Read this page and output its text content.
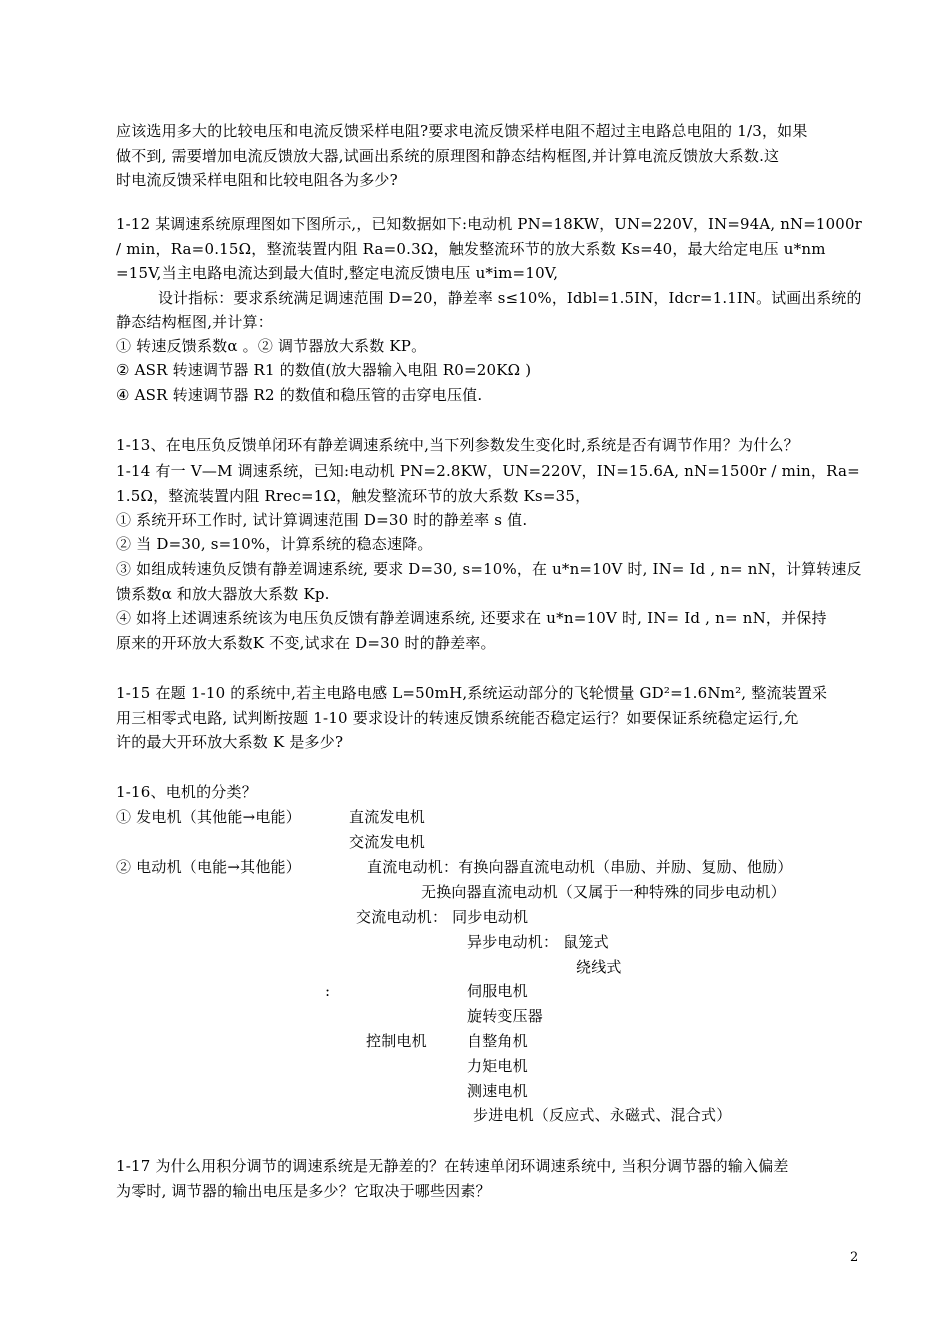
应该选用多大的比较电压和电流反馈采样电阻?要求电流反馈采样电阻不超过主电路总电阻的 1/3，如果
做不到, 需要增加电流反馈放大器,试画出系统的原理图和静态结构框图,并计算电流反馈放大系数.这
时电流反馈采样电阻和比较电阻各为多少?
1-12 某调速系统原理图如下图所示,，已知数据如下:电动机 PN=18KW，UN=220V，IN=94A, nN=1000r
/ min，Ra=0.15Ω，整流装置内阻 Ra=0.3Ω，触发整流环节的放大系数 Ks=40，最大给定电压 u*nm
=15V,当主电路电流达到最大值时,整定电流反馈电压 u*im=10V,
设计指标：要求系统满足调速范围 D=20，静差率 s≤10%，Idbl=1.5IN，Idcr=1.1IN。试画出系统的
静态结构框图,并计算：
① 转速反馈系数α 。② 调节器放大系数 KP。
② ASR 转速调节器 R1 的数值(放大器输入电阻 R0=20KΩ )
④ ASR 转速调节器 R2 的数值和稳压管的击穿电压值.
1-13、在电压负反馈单闭环有静差调速系统中,当下列参数发生变化时,系统是否有调节作用？为什么？
1-14 有一 V—M 调速系统，已知:电动机 PN=2.8KW，UN=220V，IN=15.6A, nN=1500r / min，Ra=
1.5Ω，整流装置内阻 Rrec=1Ω，触发整流环节的放大系数 Ks=35，
① 系统开环工作时, 试计算调速范围 D=30 时的静差率 s 值.
② 当 D=30, s=10%，计算系统的稳态速降。
③ 如组成转速负反馈有静差调速系统, 要求 D=30, s=10%，在 u*n=10V 时, IN= Id , n= nN，计算转速反
馈系数α 和放大器放大系数 Kp.
④ 如将上述调速系统该为电压负反馈有静差调速系统, 还要求在 u*n=10V 时, IN= Id , n= nN，并保持
原来的开环放大系数K 不变,试求在 D=30 时的静差率。
1-15 在题 1-10 的系统中,若主电路电感 L=50mH,系统运动部分的飞轮惯量 GD²=1.6Nm², 整流装置采
用三相零式电路, 试判断按题 1-10 要求设计的转速反馈系统能否稳定运行？如要保证系统稳定运行,允
许的最大开环放大系数 K 是多少?
1-16、电机的分类？
① 发电机（其他能→电能）	直流发电机
交流发电机
② 电动机（电能→其他能）	直流电动机：有换向器直流电动机（串励、并励、复励、他励）
无换向器直流电动机（又属于一种特殊的同步电动机）
交流电动机： 同步电动机
异步电动机： 鼠笼式
绕线式
:	伺服电机
旋转变压器
控制电机	自整角机
力矩电机
测速电机
步进电机（反应式、永磁式、混合式）
1-17 为什么用积分调节的调速系统是无静差的？在转速单闭环调速系统中, 当积分调节器的输入偏差
为零时, 调节器的输出电压是多少？它取决于哪些因素？
2
